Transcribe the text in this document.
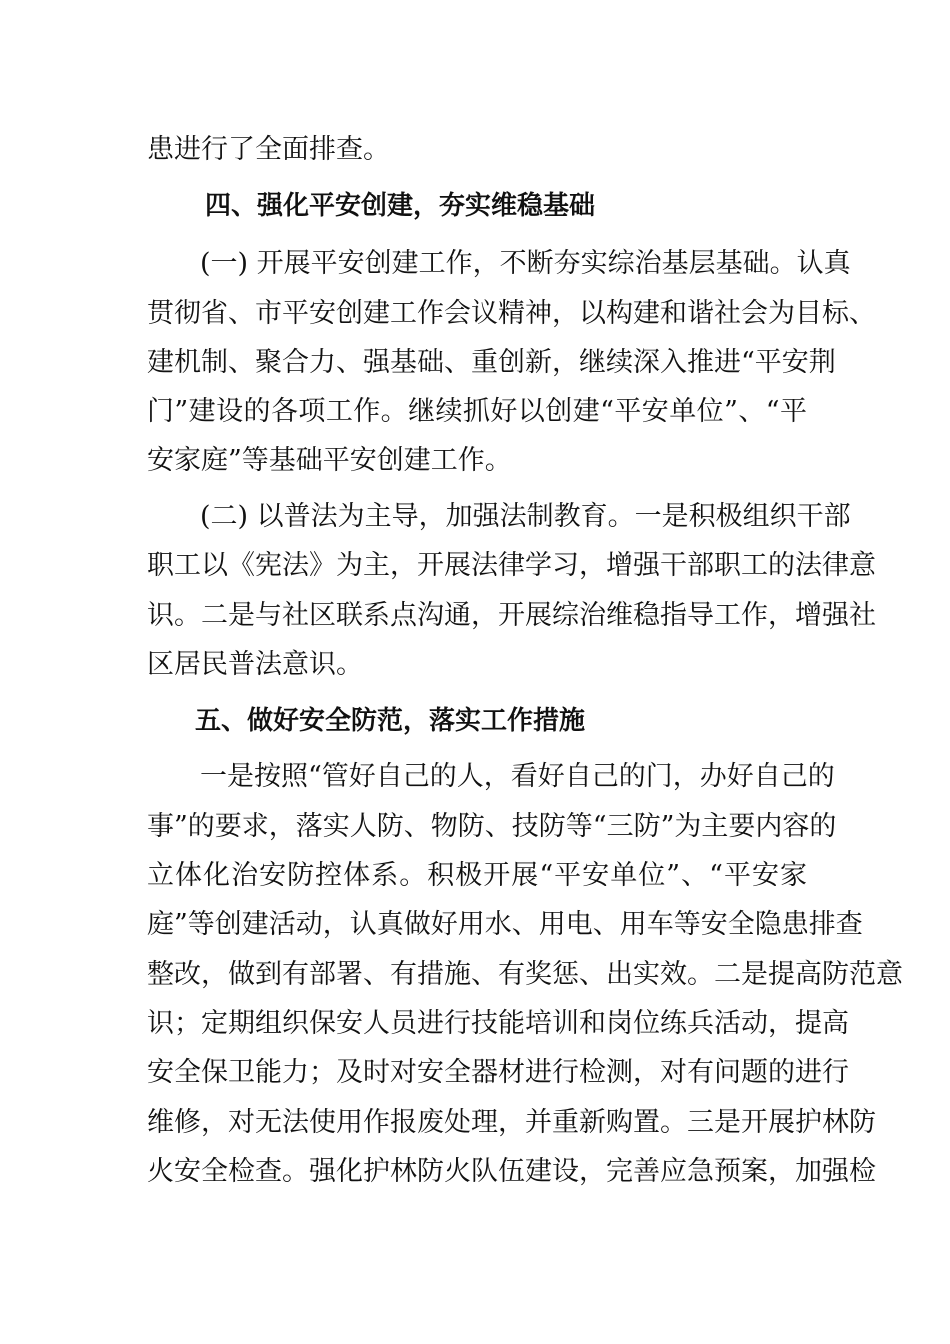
患进行了全面排查。
四、强化平安创建，夯实维稳基础
(一) 开展平安创建工作，不断夯实综治基层基础。认真
贯彻省、市平安创建工作会议精神，以构建和谐社会为目标、
建机制、聚合力、强基础、重创新，继续深入推进“平安荆
门”建设的各项工作。继续抓好以创建“平安单位”、“平
安家庭”等基础平安创建工作。
(二) 以普法为主导，加强法制教育。一是积极组织干部
职工以《宪法》为主，开展法律学习，增强干部职工的法律意
识。二是与社区联系点沟通，开展综治维稳指导工作，增强社
区居民普法意识。
五、做好安全防范，落实工作措施
一是按照“管好自己的人，看好自己的门，办好自己的
事”的要求，落实人防、物防、技防等“三防”为主要内容的
立体化治安防控体系。积极开展“平安单位”、“平安家
庭”等创建活动，认真做好用水、用电、用车等安全隐患排查
整改，做到有部署、有措施、有奖惩、出实效。二是提高防范意
识；定期组织保安人员进行技能培训和岗位练兵活动，提高
安全保卫能力；及时对安全器材进行检测，对有问题的进行
维修，对无法使用作报废处理，并重新购置。三是开展护林防
火安全检查。强化护林防火队伍建设，完善应急预案，加强检
